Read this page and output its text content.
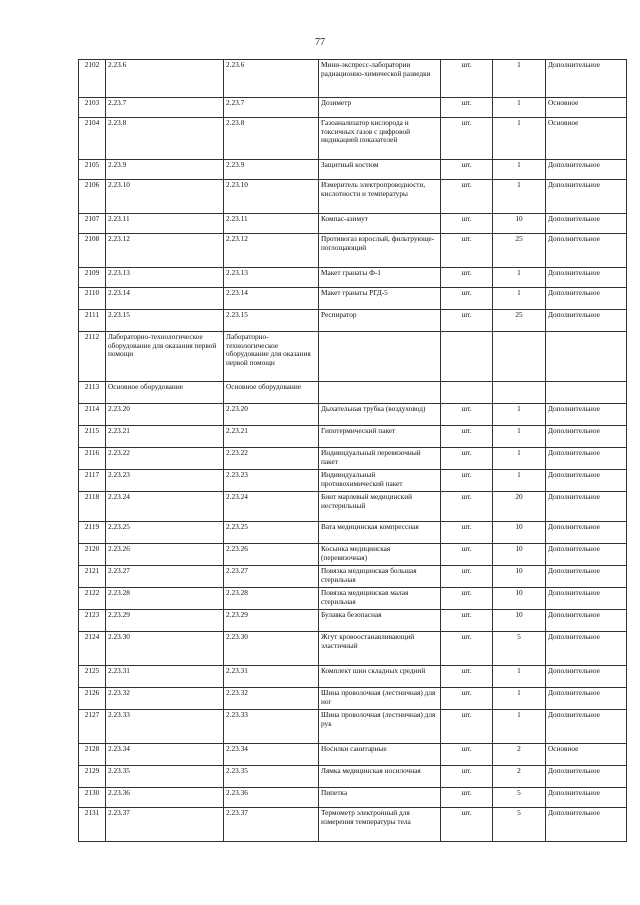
77
2102	2.23.6	2.23.6	Мини-экспресс-лаборатории радиационно-химической разведки	шт.	1	Дополнительное
2103	2.23.7	2.23.7	Дозиметр	шт.	1	Основное
2104	2.23.8	2.23.8	Газоанализатор кислорода и токсичных газов с цифровой индикацией показателей	шт.	1	Основное
2105	2.23.9	2.23.9	Защитный костюм	шт.	1	Дополнительное
2106	2.23.10	2.23.10	Измеритель электропроводности, кислотности и температуры	шт.	1	Дополнительное
2107	2.23.11	2.23.11	Компас-азимут	шт.	10	Дополнительное
2108	2.23.12	2.23.12	Противогаз взрослый, фильтрующе-поглощающий	шт.	25	Дополнительное
2109	2.23.13	2.23.13	Макет гранаты Ф-1	шт.	1	Дополнительное
2110	2.23.14	2.23.14	Макет гранаты РГД-5	шт.	1	Дополнительное
2111	2.23.15	2.23.15	Респиратор	шт.	25	Дополнительное
2112	Лабораторно-технологическое оборудование для оказания первой помощи	Лабораторно-технологическое оборудование для оказания первой помощи				
2113	Основное оборудование	Основное оборудование				
2114	2.23.20	2.23.20	Дыхательная трубка (воздуховод)	шт.	1	Дополнительное
2115	2.23.21	2.23.21	Гипотермический пакет	шт.	1	Дополнительное
2116	2.23.22	2.23.22	Индивидуальный перевязочный пакет	шт.	1	Дополнительное
2117	2.23.23	2.23.23	Индивидуальный противохимический пакет	шт.	1	Дополнительное
2118	2.23.24	2.23.24	Бинт марлевый медицинский нестерильный	шт.	20	Дополнительное
2119	2.23.25	2.23.25	Вата медицинская компрессная	шт.	10	Дополнительное
2120	2.23.26	2.23.26	Косынка медицинская (перевязочная)	шт.	10	Дополнительное
2121	2.23.27	2.23.27	Повязка медицинская большая стерильная	шт.	10	Дополнительное
2122	2.23.28	2.23.28	Повязка медицинская малая стерильная	шт.	10	Дополнительное
2123	2.23.29	2.23.29	Булавка безопасная	шт.	10	Дополнительное
2124	2.23.30	2.23.30	Жгут кровоостанавливающий эластичный	шт.	5	Дополнительное
2125	2.23.31	2.23.31	Комплект шин складных средний	шт.	1	Дополнительное
2126	2.23.32	2.23.32	Шина проволочная (лестничная) для ног	шт.	1	Дополнительное
2127	2.23.33	2.23.33	Шина проволочная (лестничная) для рук	шт.	1	Дополнительное
2128	2.23.34	2.23.34	Носилки санитарные	шт.	2	Основное
2129	2.23.35	2.23.35	Лямка медицинская носилочная	шт.	2	Дополнительное
2130	2.23.36	2.23.36	Пипетка	шт.	5	Дополнительное
2131	2.23.37	2.23.37	Термометр электронный для измерения температуры тела	шт.	5	Дополнительное
